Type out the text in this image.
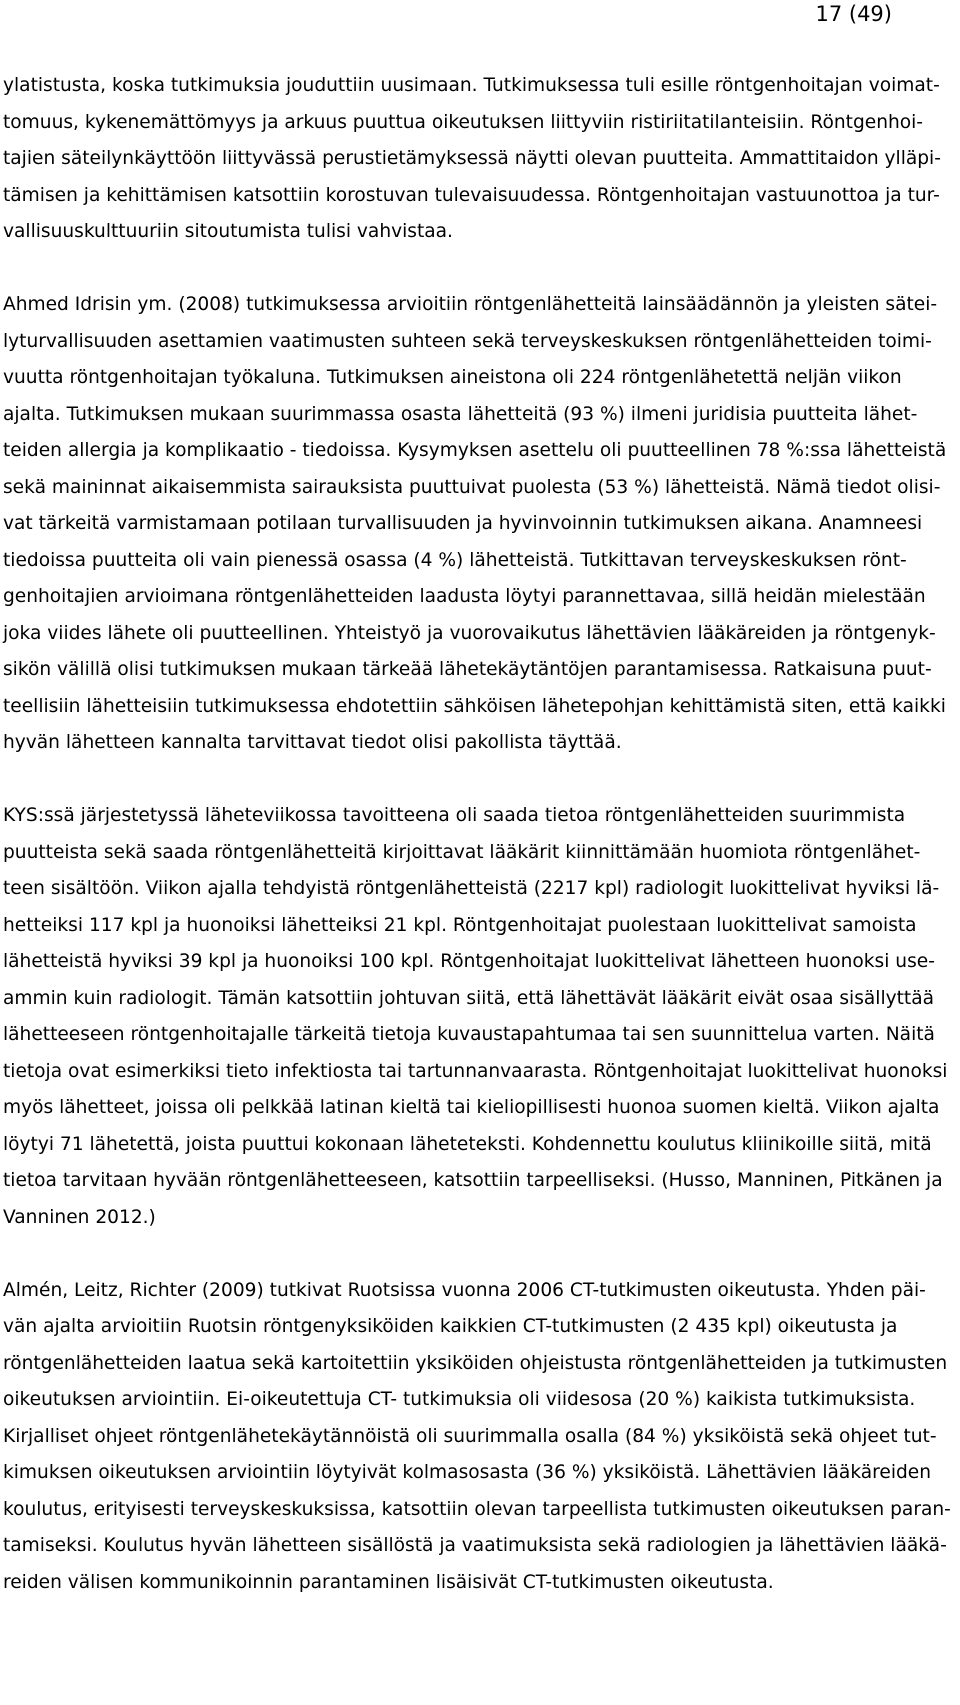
17 (49)

ylatistusta, koska tutkimuksia jouduttiin uusimaan. Tutkimuksessa tuli esille röntgenhoitajan voimat-
tomuus, kykenemättömyys ja arkuus puuttua oikeutuksen liittyviin ristiriitatilanteisiin. Röntgenhoi-
tajien säteilynkäyttöön liittyvässä perustietämyksessä näytti olevan puutteita. Ammattitaidon ylläpi-
tämisen ja kehittämisen katsottiin korostuvan tulevaisuudessa. Röntgenhoitajan vastuunottoa ja tur-
vallisuuskulttuuriin sitoutumista tulisi vahvistaa.

Ahmed Idrisin ym. (2008) tutkimuksessa arvioitiin röntgenlähetteitä lainsäädännön ja yleisten sätei-
lyturvallisuuden asettamien vaatimusten suhteen sekä terveyskeskuksen röntgenlähetteiden toimi-
vuutta röntgenhoitajan työkaluna. Tutkimuksen aineistona oli 224 röntgenlähetettä neljän viikon
ajalta. Tutkimuksen mukaan suurimmassa osasta lähetteitä (93 %) ilmeni juridisia puutteita lähet-
teiden allergia ja komplikaatio - tiedoissa. Kysymyksen asettelu oli puutteellinen 78 %:ssa lähetteistä
sekä maininnat aikaisemmista sairauksista puuttuivat puolesta (53 %) lähetteistä. Nämä tiedot olisi-
vat tärkeitä varmistamaan potilaan turvallisuuden ja hyvinvoinnin tutkimuksen aikana. Anamneesi
tiedoissa puutteita oli vain pienessä osassa (4 %) lähetteistä. Tutkittavan terveyskeskuksen rönt-
genhoitajien arvioimana röntgenlähetteiden laadusta löytyi parannettavaa, sillä heidän mielestään
joka viides lähete oli puutteellinen. Yhteistyö ja vuorovaikutus lähettävien lääkäreiden ja röntgenyk-
sikön välillä olisi tutkimuksen mukaan tärkeää lähetekäytäntöjen parantamisessa. Ratkaisuna puut-
teellisiin lähetteisiin tutkimuksessa ehdotettiin sähköisen lähetepohjan kehittämistä siten, että kaikki
hyvän lähetteen kannalta tarvittavat tiedot olisi pakollista täyttää.

KYS:ssä järjestetyssä läheteviikossa tavoitteena oli saada tietoa röntgenlähetteiden suurimmista
puutteista sekä saada röntgenlähetteitä kirjoittavat lääkärit kiinnittämään huomiota röntgenlähet-
teen sisältöön. Viikon ajalla tehdyistä röntgenlähetteistä (2217 kpl) radiologit luokittelivat hyviksi lä-
hetteiksi 117 kpl ja huonoiksi lähetteiksi 21 kpl. Röntgenhoitajat puolestaan luokittelivat samoista
lähetteistä hyviksi 39 kpl ja huonoiksi 100 kpl. Röntgenhoitajat luokittelivat lähetteen huonoksi use-
ammin kuin radiologit. Tämän katsottiin johtuvan siitä, että lähettävät lääkärit eivät osaa sisällyttää
lähetteeseen röntgenhoitajalle tärkeitä tietoja kuvaustapahtumaa tai sen suunnittelua varten. Näitä
tietoja ovat esimerkiksi tieto infektiosta tai tartunnanvaarasta. Röntgenhoitajat luokittelivat huonoksi
myös lähetteet, joissa oli pelkkää latinan kieltä tai kieliopillisesti huonoa suomen kieltä. Viikon ajalta
löytyi 71 lähetettä, joista puuttui kokonaan läheteteksti. Kohdennettu koulutus kliinikoille siitä, mitä
tietoa tarvitaan hyvään röntgenlähetteeseen, katsottiin tarpeelliseksi. (Husso, Manninen, Pitkänen ja
Vanninen 2012.)

Almén, Leitz, Richter (2009) tutkivat Ruotsissa vuonna 2006 CT-tutkimusten oikeutusta. Yhden päi-
vän ajalta arvioitiin Ruotsin röntgenyksiköiden kaikkien CT-tutkimusten (2 435 kpl) oikeutusta ja
röntgenlähetteiden laatua sekä kartoitettiin yksiköiden ohjeistusta röntgenlähetteiden ja tutkimusten
oikeutuksen arviointiin. Ei-oikeutettuja CT- tutkimuksia oli viidesosa (20 %) kaikista tutkimuksista.
Kirjalliset ohjeet röntgenlähetekäytännöistä oli suurimmalla osalla (84 %) yksiköistä sekä ohjeet tut-
kimuksen oikeutuksen arviointiin löytyivät kolmasosasta (36 %) yksiköistä. Lähettävien lääkäreiden
koulutus, erityisesti terveyskeskuksissa, katsottiin olevan tarpeellista tutkimusten oikeutuksen paran-
tamiseksi. Koulutus hyvän lähetteen sisällöstä ja vaatimuksista sekä radiologien ja lähettävien lääkä-
reiden välisen kommunikoinnin parantaminen lisäisivät CT-tutkimusten oikeutusta.
